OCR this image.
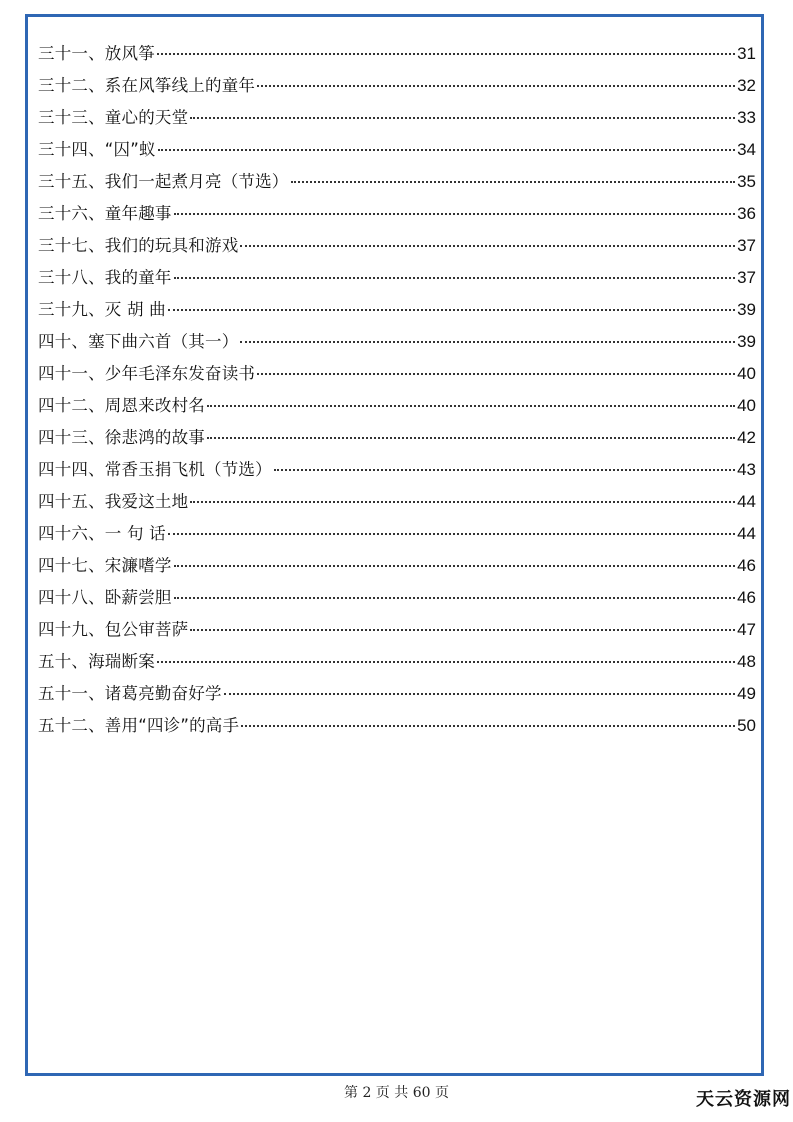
三十一、放风筝	31
三十二、系在风筝线上的童年	32
三十三、童心的天堂	33
三十四、“囚”蚁	34
三十五、我们一起煮月亮（节选）	35
三十六、童年趣事	36
三十七、我们的玩具和游戏	37
三十八、我的童年	37
三十九、灭 胡 曲	39
四十、塞下曲六首（其一）	39
四十一、少年毛泽东发奋读书	40
四十二、周恩来改村名	40
四十三、徐悲鸿的故事	42
四十四、常香玉捐飞机（节选）	43
四十五、我爱这土地	44
四十六、一 句 话	44
四十七、宋濂嗜学	46
四十八、卧薪尝胆	46
四十九、包公审菩萨	47
五十、海瑞断案	48
五十一、诸葛亮勤奋好学	49
五十二、善用“四诊”的高手	50
第 2 页 共 60 页	天云资源网
